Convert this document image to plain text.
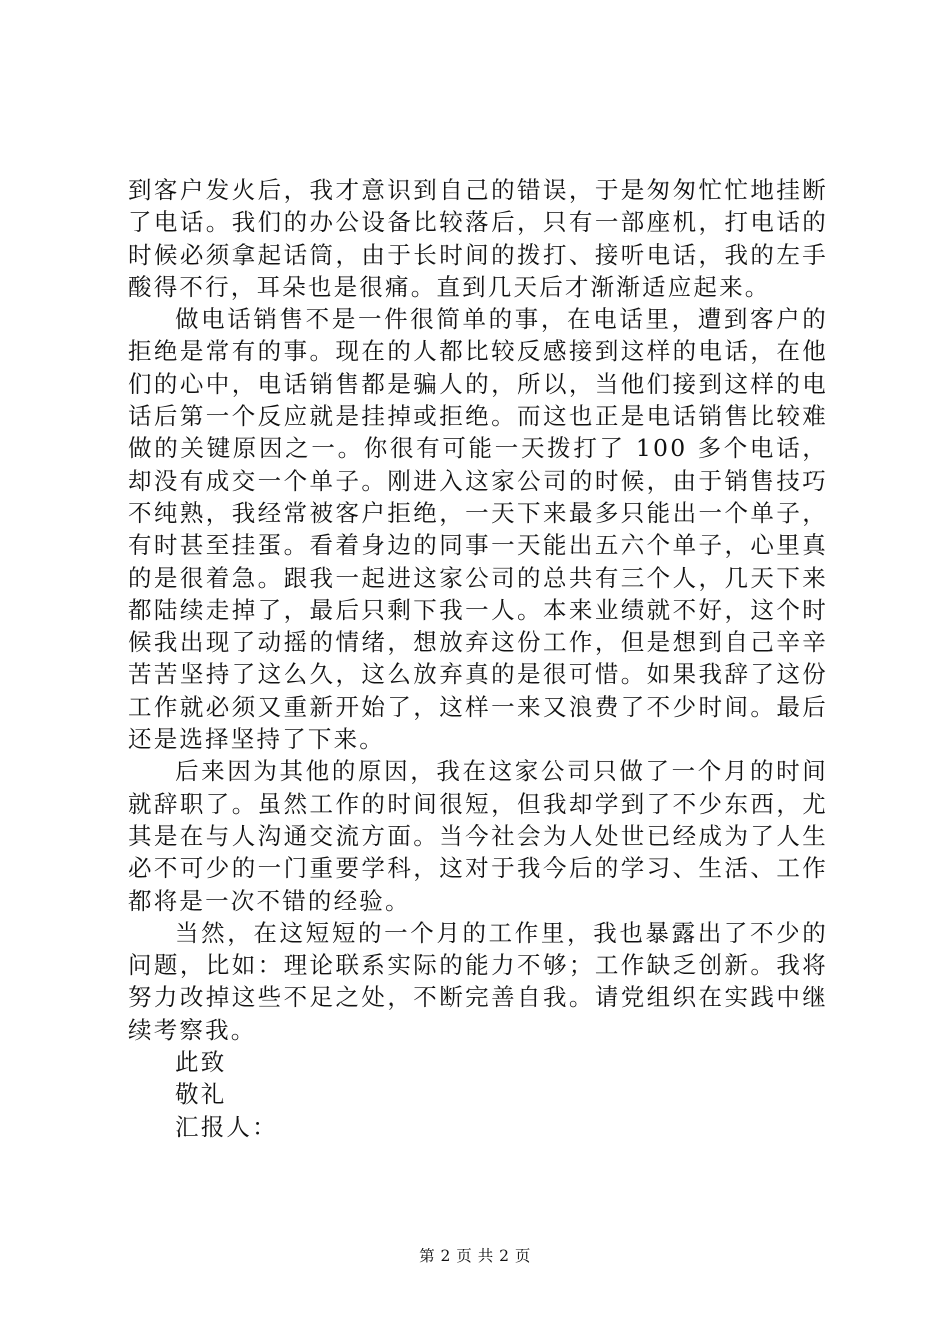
到客户发火后，我才意识到自己的错误，于是匆匆忙忙地挂断了电话。我们的办公设备比较落后，只有一部座机，打电话的时候必须拿起话筒，由于长时间的拨打、接听电话，我的左手酸得不行，耳朵也是很痛。直到几天后才渐渐适应起来。

做电话销售不是一件很简单的事，在电话里，遭到客户的拒绝是常有的事。现在的人都比较反感接到这样的电话，在他们的心中，电话销售都是骗人的，所以，当他们接到这样的电话后第一个反应就是挂掉或拒绝。而这也正是电话销售比较难做的关键原因之一。你很有可能一天拨打了 100 多个电话，却没有成交一个单子。刚进入这家公司的时候，由于销售技巧不纯熟，我经常被客户拒绝，一天下来最多只能出一个单子，有时甚至挂蛋。看着身边的同事一天能出五六个单子，心里真的是很着急。跟我一起进这家公司的总共有三个人，几天下来都陆续走掉了，最后只剩下我一人。本来业绩就不好，这个时候我出现了动摇的情绪，想放弃这份工作，但是想到自己辛辛苦苦坚持了这么久，这么放弃真的是很可惜。如果我辞了这份工作就必须又重新开始了，这样一来又浪费了不少时间。最后还是选择坚持了下来。

后来因为其他的原因，我在这家公司只做了一个月的时间就辞职了。虽然工作的时间很短，但我却学到了不少东西，尤其是在与人沟通交流方面。当今社会为人处世已经成为了人生必不可少的一门重要学科，这对于我今后的学习、生活、工作都将是一次不错的经验。

当然，在这短短的一个月的工作里，我也暴露出了不少的问题，比如：理论联系实际的能力不够；工作缺乏创新。我将努力改掉这些不足之处，不断完善自我。请党组织在实践中继续考察我。

此致

敬礼

汇报人：

第 2 页 共 2 页
